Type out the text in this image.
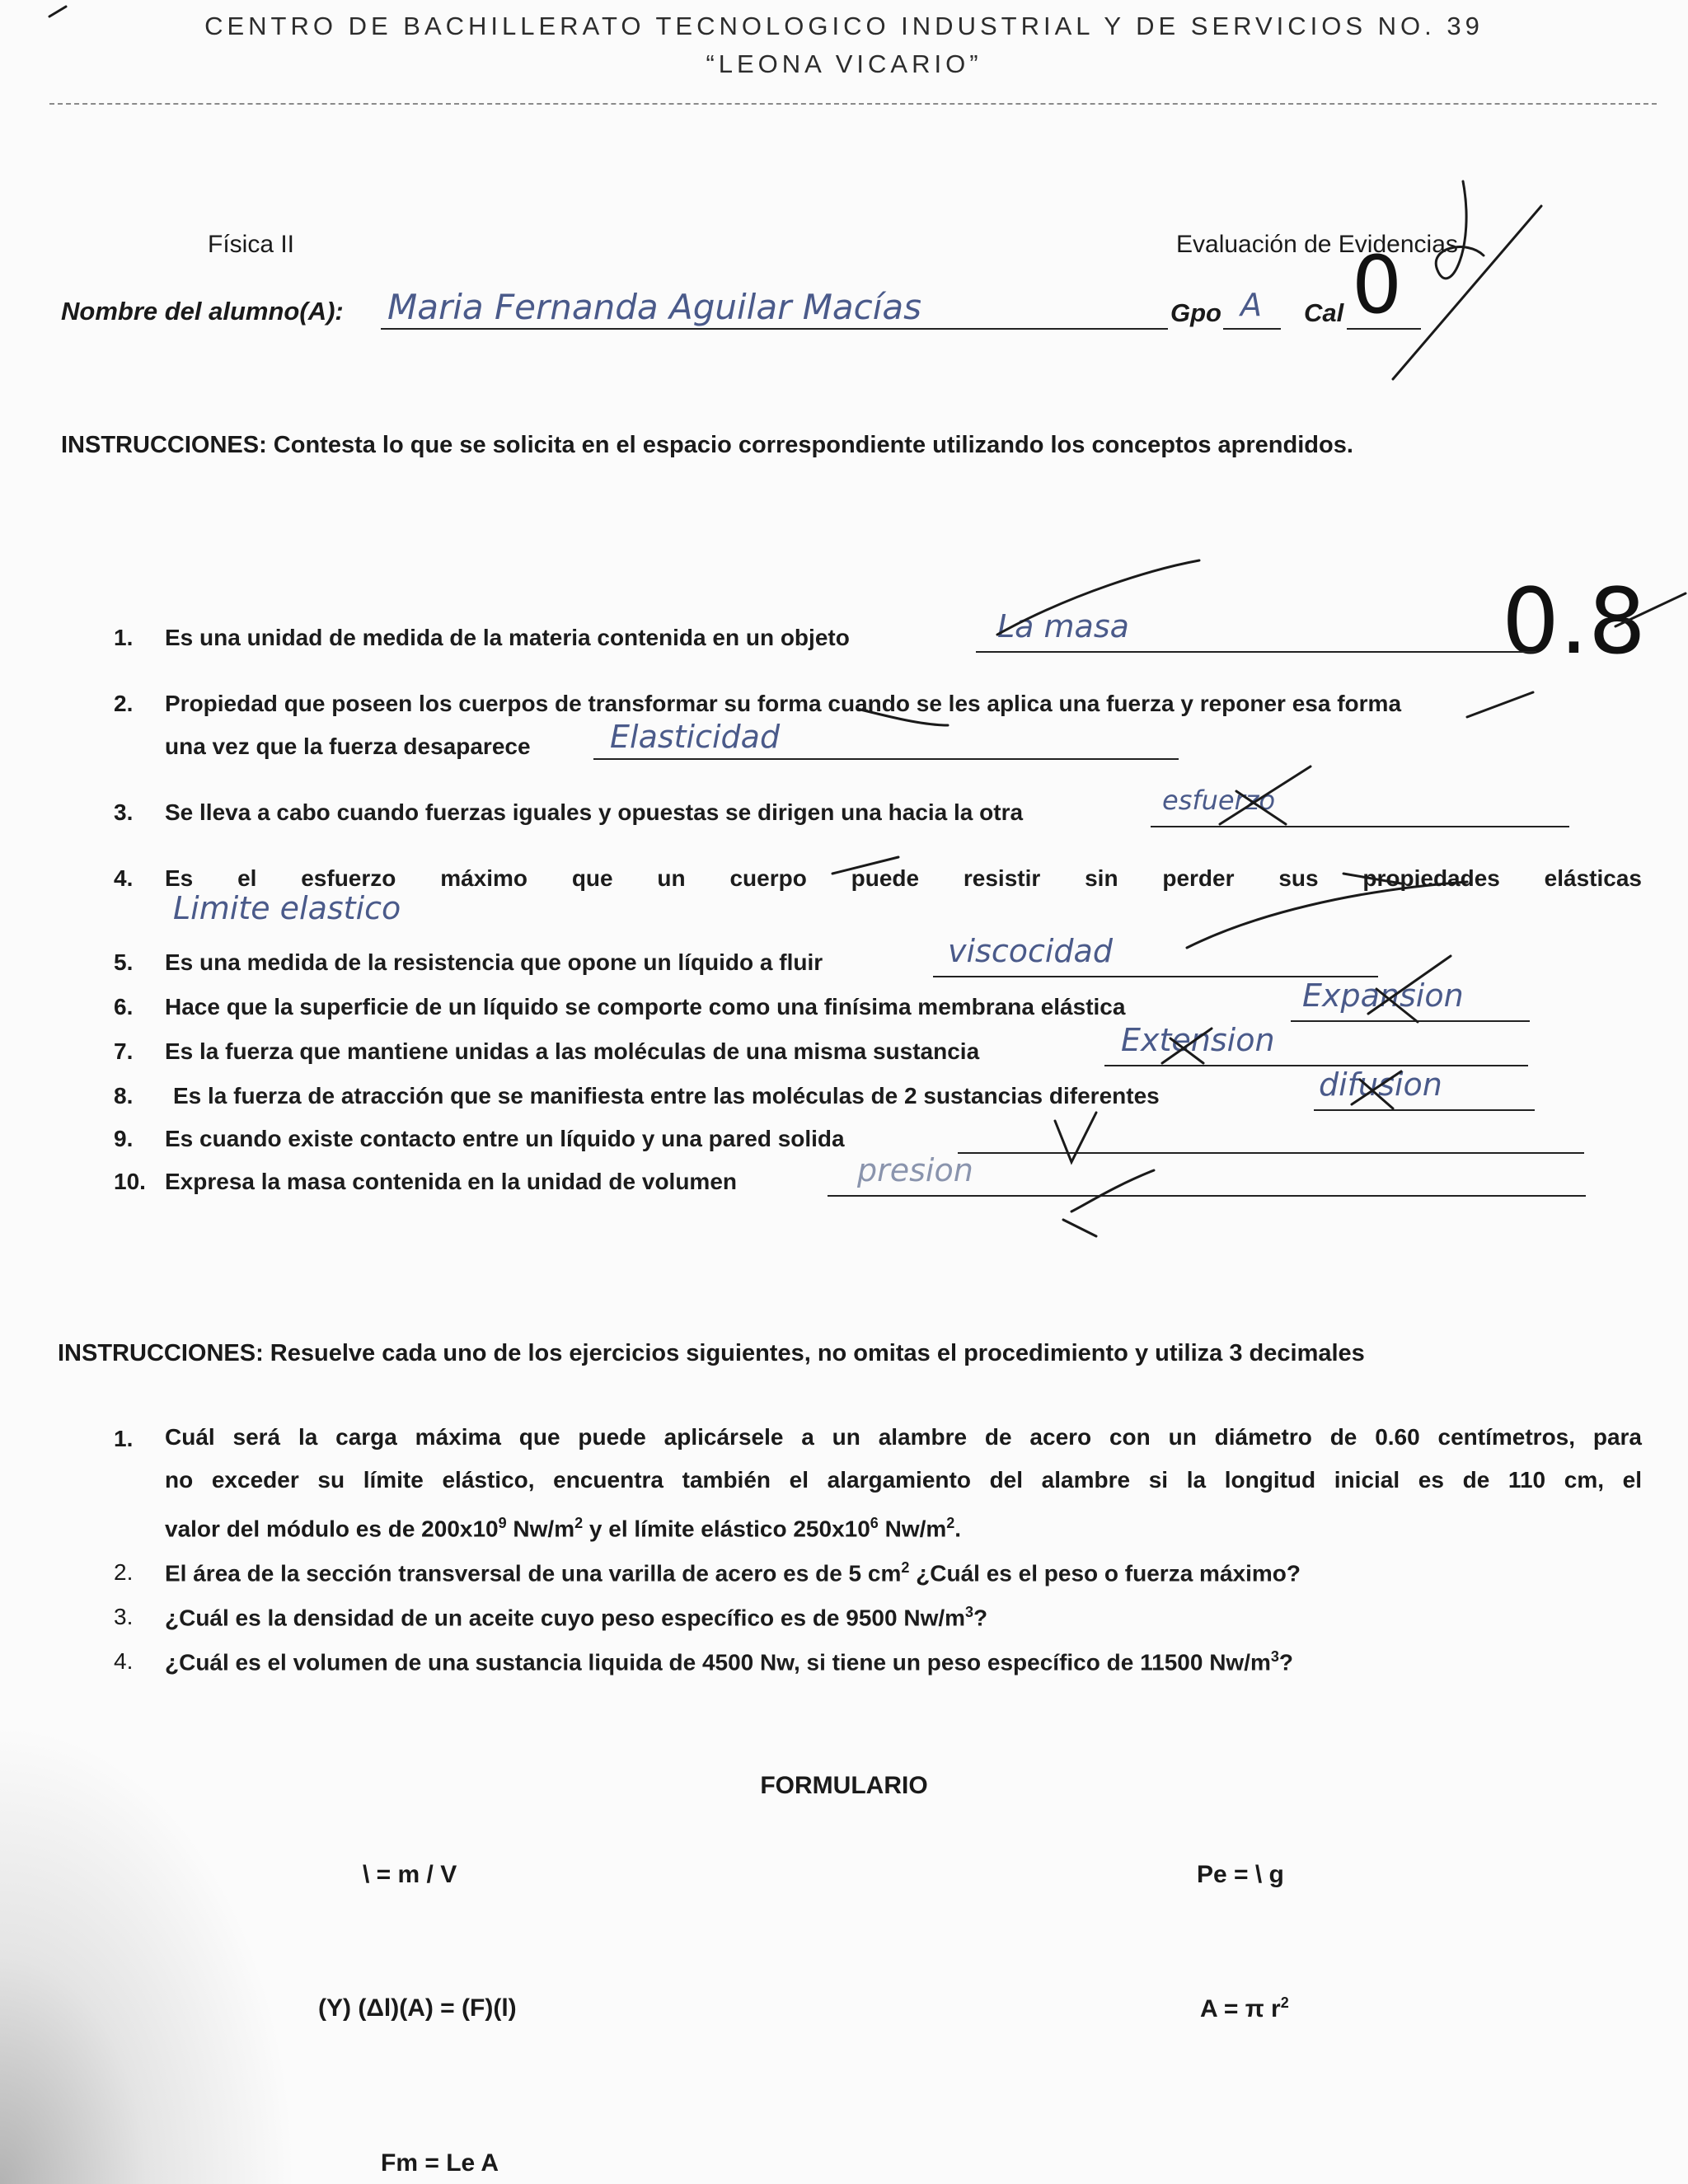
CENTRO DE BACHILLERATO TECNOLOGICO INDUSTRIAL Y DE SERVICIOS NO. 39
“LEONA VICARIO”
Física II	Evaluación de Evidencias
Nombre del alumno(A): Maria Fernanda Aguilar Macías	Gpo A Cal 0
INSTRUCCIONES: Contesta lo que se solicita en el espacio correspondiente utilizando los conceptos aprendidos.
0.8
1. Es una unidad de medida de la materia contenida en un objeto	La masa
2. Propiedad que poseen los cuerpos de transformar su forma cuando se les aplica una fuerza y reponer esa forma
una vez que la fuerza desaparece	Elasticidad
3. Se lleva a cabo cuando fuerzas iguales y opuestas se dirigen una hacia la otra	esfuerzo
4. Es el esfuerzo máximo que un cuerpo puede resistir sin perder sus propiedades elásticas
Limite elastico
5. Es una medida de la resistencia que opone un líquido a fluir	viscocidad
6. Hace que la superficie de un líquido se comporte como una finísima membrana elástica	Expansion
7. Es la fuerza que mantiene unidas a las moléculas de una misma sustancia	Extension
8. Es la fuerza de atracción que se manifiesta entre las moléculas de 2 sustancias diferentes	difusion
9. Es cuando existe contacto entre un líquido y una pared solida
10. Expresa la masa contenida en la unidad de volumen	presion
INSTRUCCIONES: Resuelve cada uno de los ejercicios siguientes, no omitas el procedimiento y utiliza 3 decimales
1. Cuál será la carga máxima que puede aplicársele a un alambre de acero con un diámetro de 0.60 centímetros, para
no exceder su límite elástico, encuentra también el alargamiento del alambre si la longitud inicial es de 110 cm, el
valor del módulo es de $200x10^9$ $Nw/m^2$ y el límite elástico $250x10^6$ $Nw/m^2$.
2. El área de la sección transversal de una varilla de acero es de 5 $cm^2$ ¿Cuál es el peso o fuerza máximo?
3. ¿Cuál es la densidad de un aceite cuyo peso específico es de 9500 $Nw/m^3$?
4. ¿Cuál es el volumen de una sustancia liquida de 4500 Nw, si tiene un peso específico de 11500 $Nw/m^3$?
FORMULARIO
\ = m / V	Pe = \ g
(Y) (Δl)(A) = (F)(l)	A = π $r^2$
Fm = Le A
